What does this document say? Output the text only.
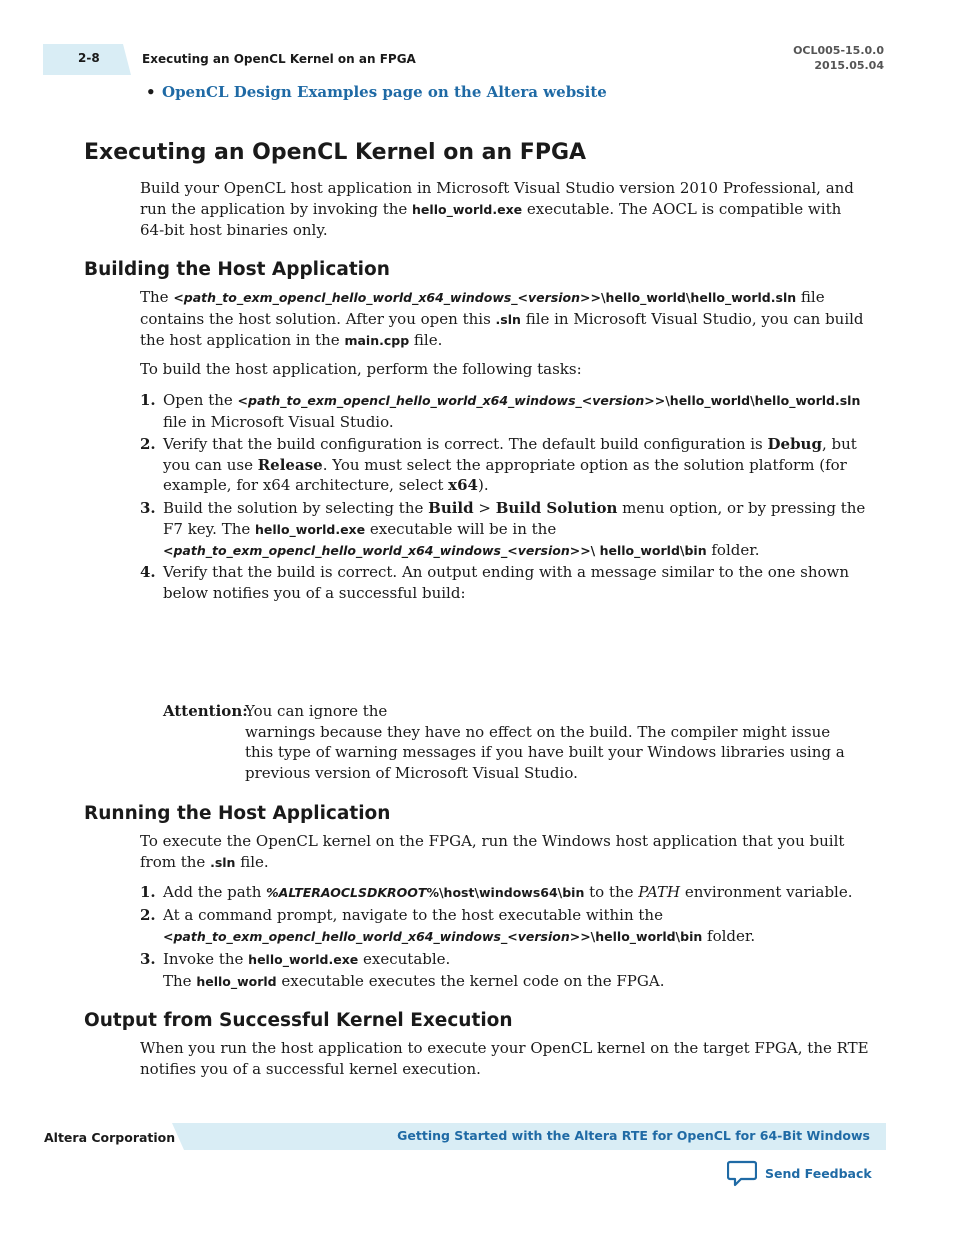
2-8	Executing an OpenCL Kernel on an FPGA
OCL005-15.0.0
2015.05.04
• OpenCL Design Examples page on the Altera website
Executing an OpenCL Kernel on an FPGA

Build your OpenCL host application in Microsoft Visual Studio version 2010 Professional, and run the application by invoking the hello_world.exe executable. The AOCL is compatible with 64-bit host binaries only.

Building the Host Application

The <path_to_exm_opencl_hello_world_x64_windows_<version>>\hello_world\hello_world.sln file contains the host solution. After you open this .sln file in Microsoft Visual Studio, you can build the host application in the main.cpp file.

To build the host application, perform the following tasks:

1. Open the <path_to_exm_opencl_hello_world_x64_windows_<version>>\hello_world\hello_world.sln file in Microsoft Visual Studio.
2. Verify that the build configuration is correct. The default build configuration is Debug, but you can use Release. You must select the appropriate option as the solution platform (for example, for x64 architecture, select x64).
3. Build the solution by selecting the Build > Build Solution menu option, or by pressing the F7 key. The hello_world.exe executable will be in the <path_to_exm_opencl_hello_world_x64_windows_<version>>\ hello_world\bin folder.
4. Verify that the build is correct. An output ending with a message similar to the one shown below notifies you of a successful build:
Attention:
You can ignore the
warnings because they have no effect on the build. The compiler might issue this type of warning messages if you have built your Windows libraries using a previous version of Microsoft Visual Studio.
Running the Host Application

To execute the OpenCL kernel on the FPGA, run the Windows host application that you built from the .sln file.

1. Add the path %ALTERAOCLSDKROOT%\host\windows64\bin to the PATH environment variable.
2. At a command prompt, navigate to the host executable within the <path_to_exm_opencl_hello_world_x64_windows_<version>>\hello_world\bin folder.
3. Invoke the hello_world.exe executable.
The hello_world executable executes the kernel code on the FPGA.
Output from Successful Kernel Execution

When you run the host application to execute your OpenCL kernel on the target FPGA, the RTE notifies you of a successful kernel execution.

Altera Corporation	Getting Started with the Altera RTE for OpenCL for 64-Bit Windows
Send Feedback
